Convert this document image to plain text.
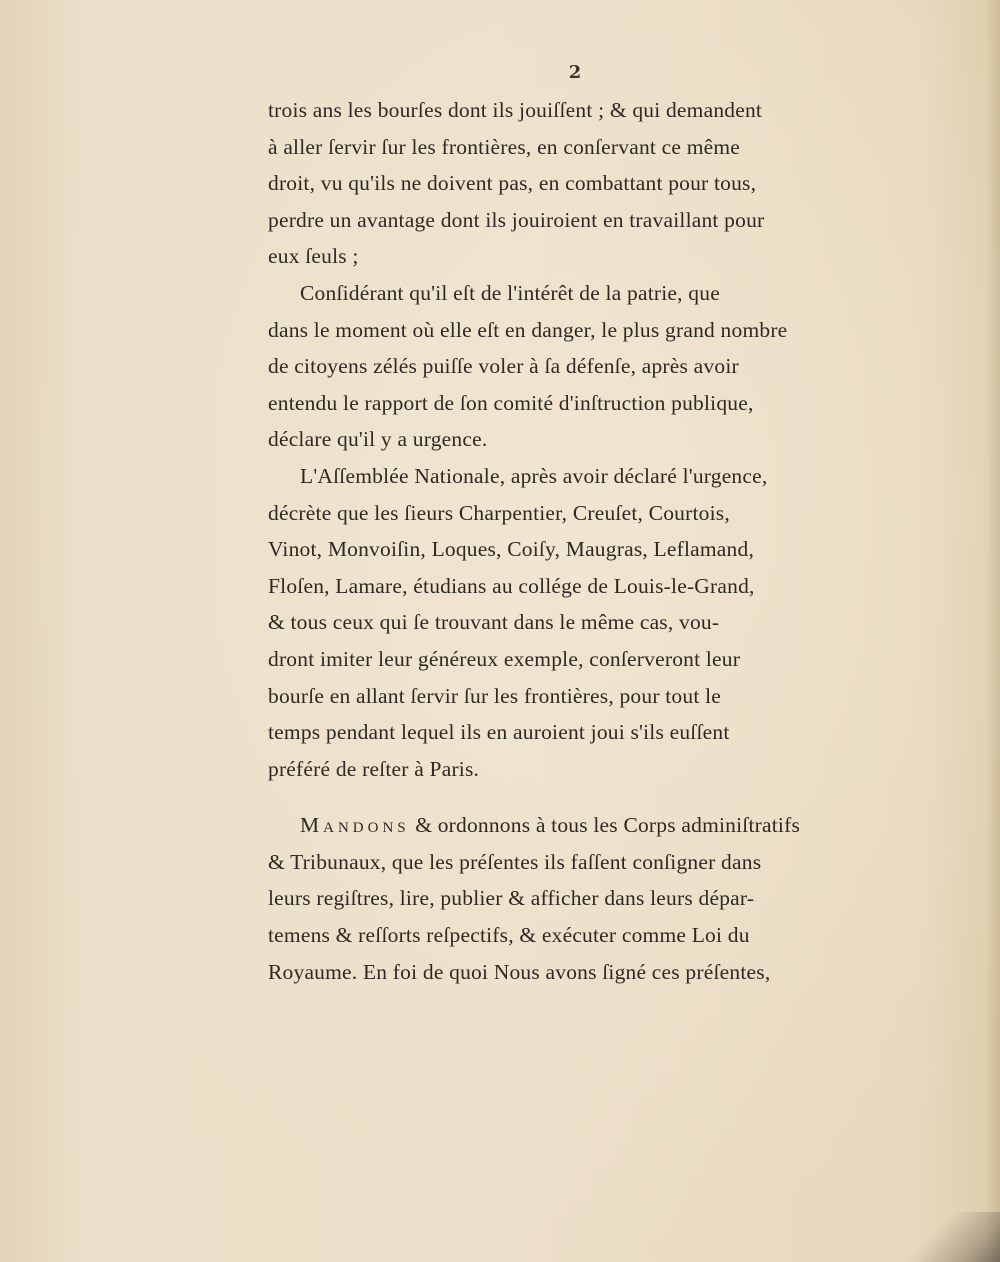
2
trois ans les bourſes dont ils jouiſſent ; & qui demandent
à aller ſervir ſur les frontières, en conſervant ce même
droit, vu qu'ils ne doivent pas, en combattant pour tous,
perdre un avantage dont ils jouiroient en travaillant pour
eux ſeuls ;
Conſidérant qu'il eſt de l'intérêt de la patrie, que
dans le moment où elle eſt en danger, le plus grand nombre
de citoyens zélés puiſſe voler à ſa défenſe, après avoir
entendu le rapport de ſon comité d'inſtruction publique,
déclare qu'il y a urgence.
L'Aſſemblée Nationale, après avoir déclaré l'urgence,
décrète que les ſieurs Charpentier, Creuſet, Courtois,
Vinot, Monvoiſin, Loques, Coiſy, Maugras, Leflamand,
Floſen, Lamare, étudians au collége de Louis-le-Grand,
& tous ceux qui ſe trouvant dans le même cas, vou-
dront imiter leur généreux exemple, conſerveront leur
bourſe en allant ſervir ſur les frontières, pour tout le
temps pendant lequel ils en auroient joui s'ils euſſent
préféré de reſter à Paris.
Mandons & ordonnons à tous les Corps adminiſtratifs
& Tribunaux, que les préſentes ils faſſent conſigner dans
leurs regiſtres, lire, publier & afficher dans leurs dépar-
temens & reſſorts reſpectifs, & exécuter comme Loi du
Royaume. En foi de quoi Nous avons ſigné ces préſentes,
